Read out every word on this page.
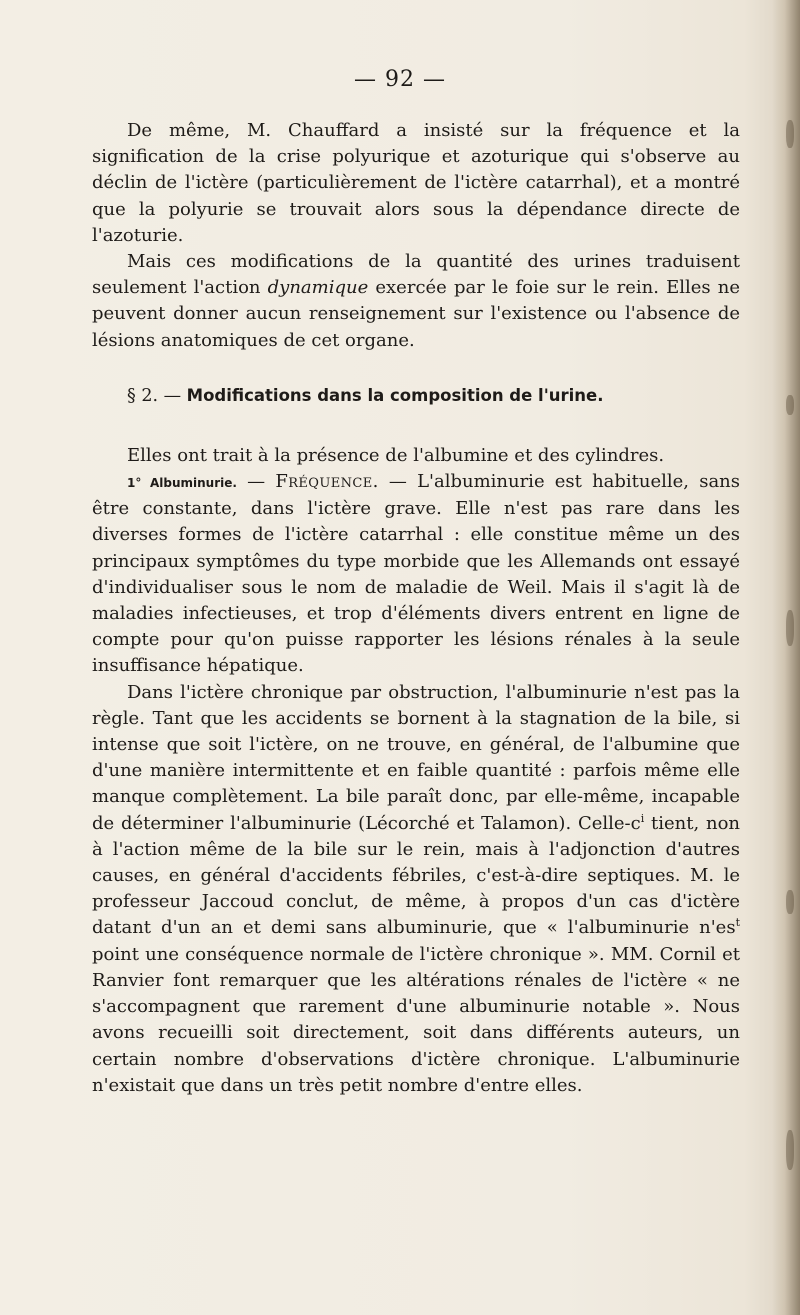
— 92 —

De même, M. Chauffard a insisté sur la fréquence et la signification de la crise polyurique et azoturique qui s'observe au déclin de l'ictère (particulièrement de l'ictère catarrhal), et a montré que la polyurie se trouvait alors sous la dépendance directe de l'azoturie.

Mais ces modifications de la quantité des urines traduisent seulement l'action dynamique exercée par le foie sur le rein. Elles ne peuvent donner aucun renseignement sur l'existence ou l'absence de lésions anatomiques de cet organe.

§ 2. — Modifications dans la composition de l'urine.

Elles ont trait à la présence de l'albumine et des cylindres.

1° Albuminurie. — Fréquence. — L'albuminurie est habituelle, sans être constante, dans l'ictère grave. Elle n'est pas rare dans les diverses formes de l'ictère catarrhal : elle constitue même un des principaux symptômes du type morbide que les Allemands ont essayé d'individualiser sous le nom de maladie de Weil. Mais il s'agit là de maladies infectieuses, et trop d'éléments divers entrent en ligne de compte pour qu'on puisse rapporter les lésions rénales à la seule insuffisance hépatique.

Dans l'ictère chronique par obstruction, l'albuminurie n'est pas la règle. Tant que les accidents se bornent à la stagnation de la bile, si intense que soit l'ictère, on ne trouve, en général, de l'albumine que d'une manière intermittente et en faible quantité : parfois même elle manque complètement. La bile paraît donc, par elle-même, incapable de déterminer l'albuminurie (Lécorché et Talamon). Celle-$c^i$ tient, non à l'action même de la bile sur le rein, mais à l'adjonction d'autres causes, en général d'accidents fébriles, c'est-à-dire septiques. M. le professeur Jaccoud conclut, de même, à propos d'un cas d'ictère datant d'un an et demi sans albuminurie, que « l'albuminurie $n'es^t$ point une conséquence normale de l'ictère chronique ». MM. Cornil et Ranvier font remarquer que les altérations rénales de l'ictère « ne s'accompagnent que rarement d'une albuminurie notable ». Nous avons recueilli soit directement, soit dans différents auteurs, un certain nombre d'observations d'ictère chronique. L'albuminurie n'existait que dans un très petit nombre d'entre elles.
